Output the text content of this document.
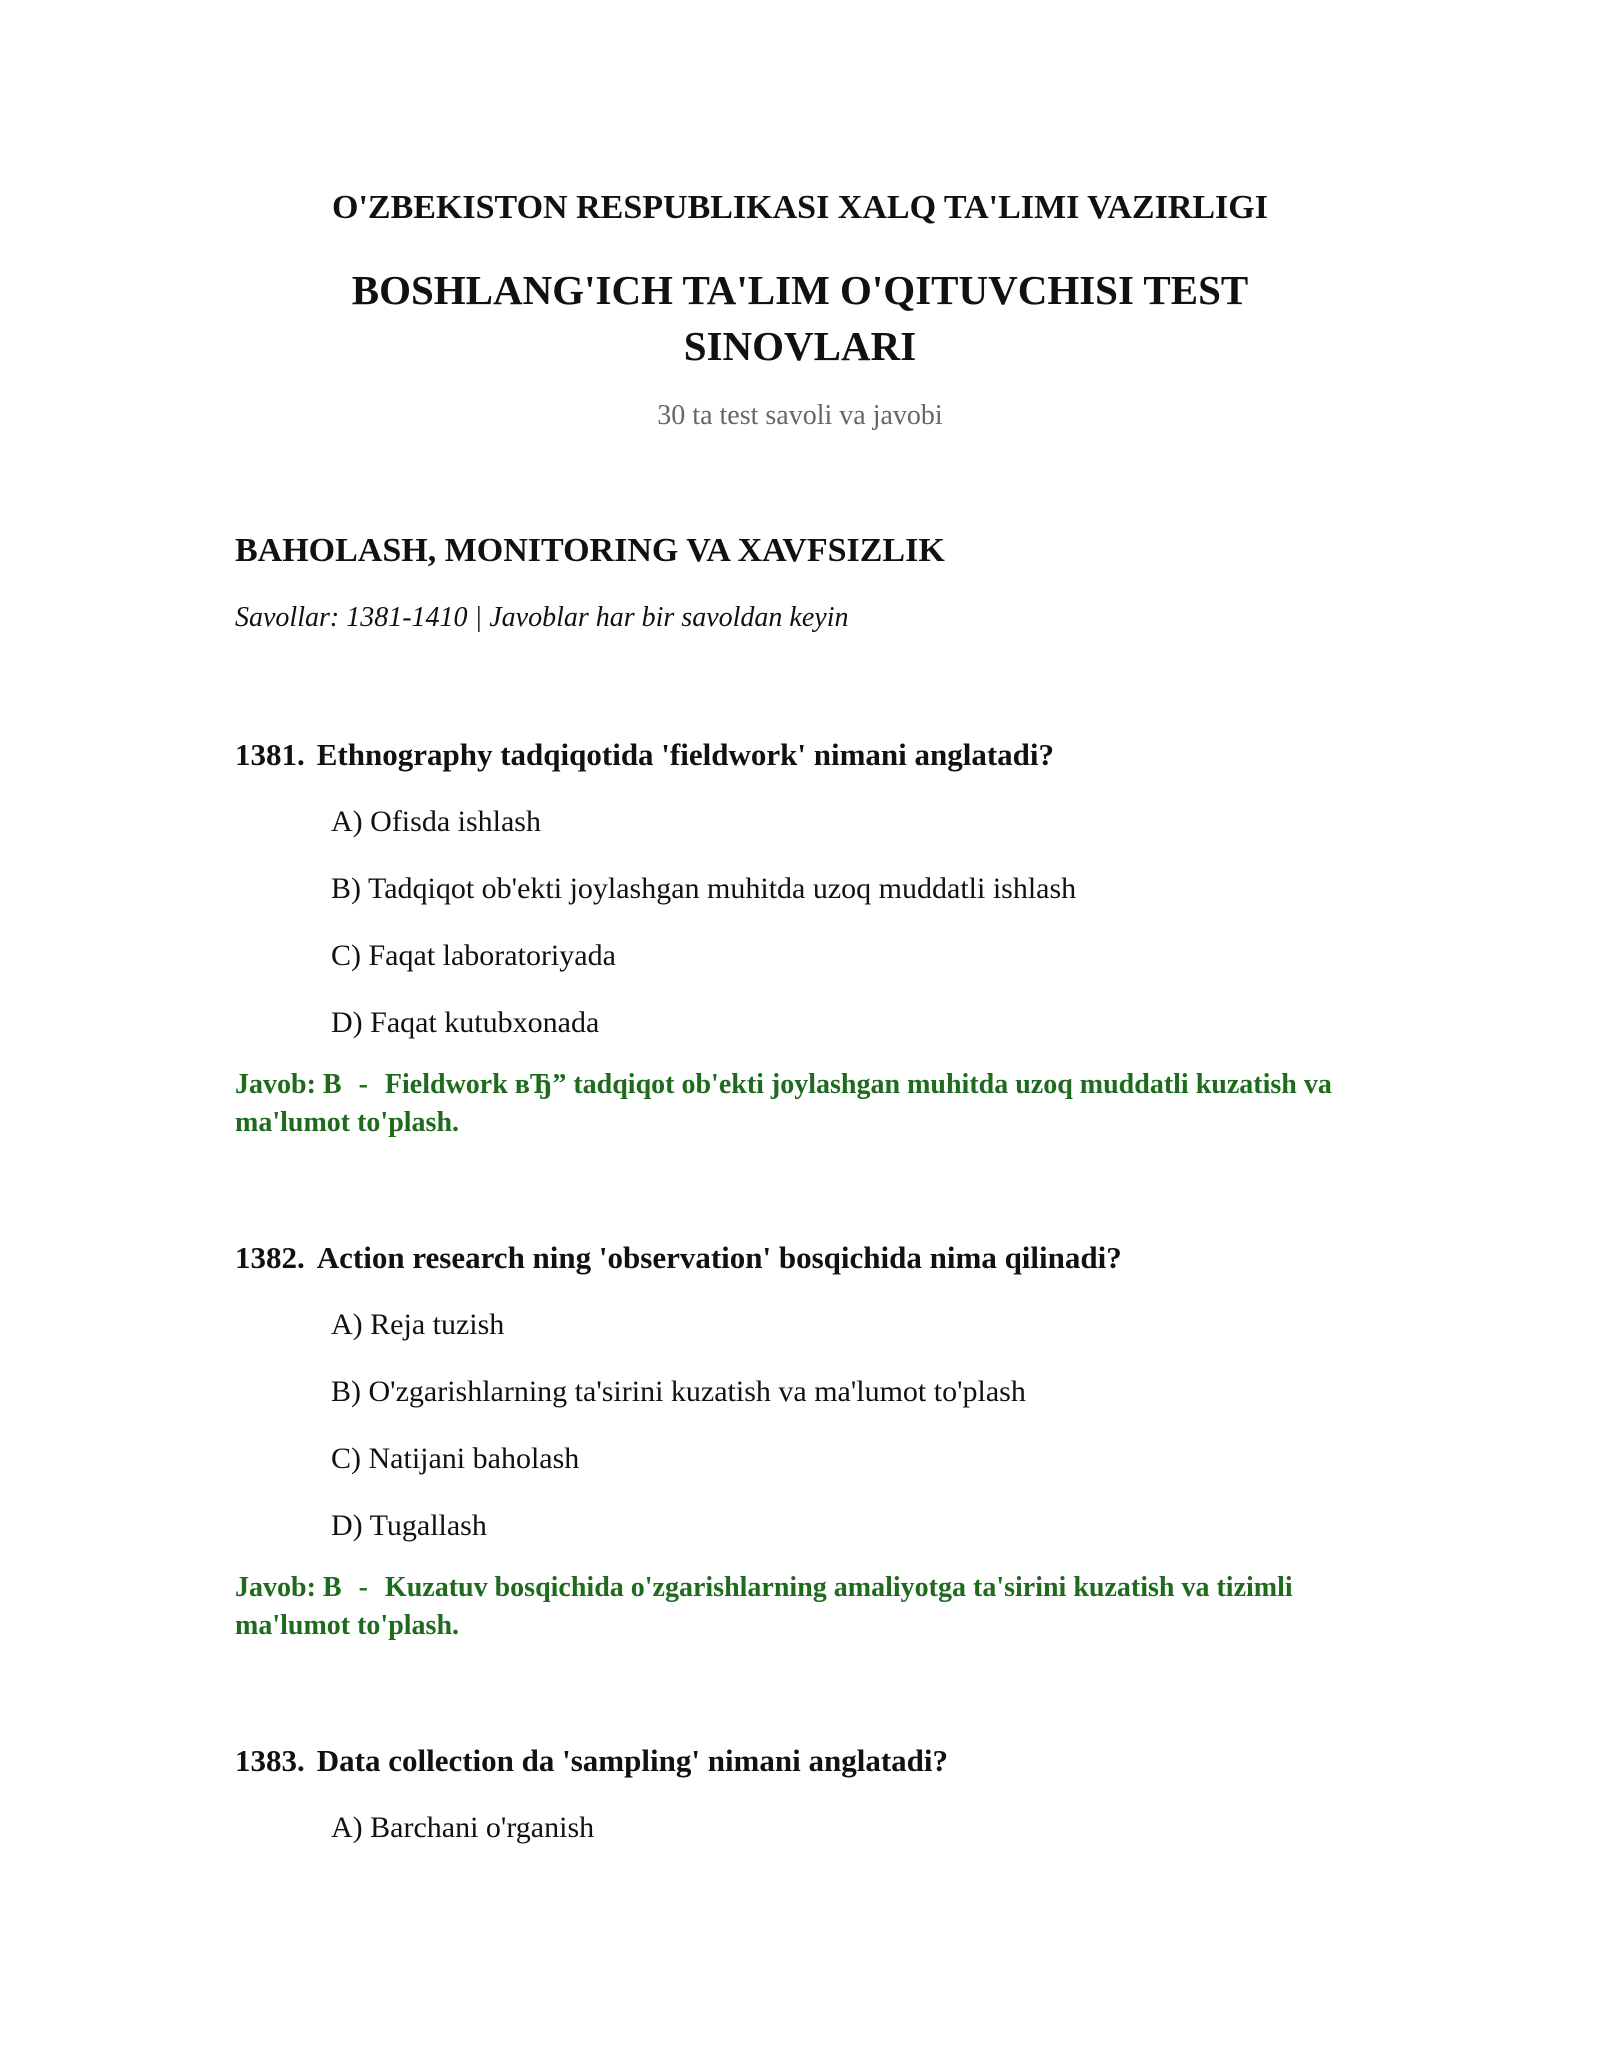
O'ZBEKISTON RESPUBLIKASI XALQ TA'LIMI VAZIRLIGI
BOSHLANG'ICH TA'LIM O'QITUVCHISI TEST
SINOVLARI
30 ta test savoli va javobi
BAHOLASH, MONITORING VA XAVFSIZLIK
Savollar: 1381-1410 | Javoblar har bir savoldan keyin
1381. Ethnography tadqiqotida 'fieldwork' nimani anglatadi?
A) Ofisda ishlash
B) Tadqiqot ob'ekti joylashgan muhitda uzoq muddatli ishlash
C) Faqat laboratoriyada
D) Faqat kutubxonada
Javob: B - Fieldwork вЂ” tadqiqot ob'ekti joylashgan muhitda uzoq muddatli kuzatish va ma'lumot to'plash.
1382. Action research ning 'observation' bosqichida nima qilinadi?
A) Reja tuzish
B) O'zgarishlarning ta'sirini kuzatish va ma'lumot to'plash
C) Natijani baholash
D) Tugallash
Javob: B - Kuzatuv bosqichida o'zgarishlarning amaliyotga ta'sirini kuzatish va tizimli ma'lumot to'plash.
1383. Data collection da 'sampling' nimani anglatadi?
A) Barchani o'rganish
